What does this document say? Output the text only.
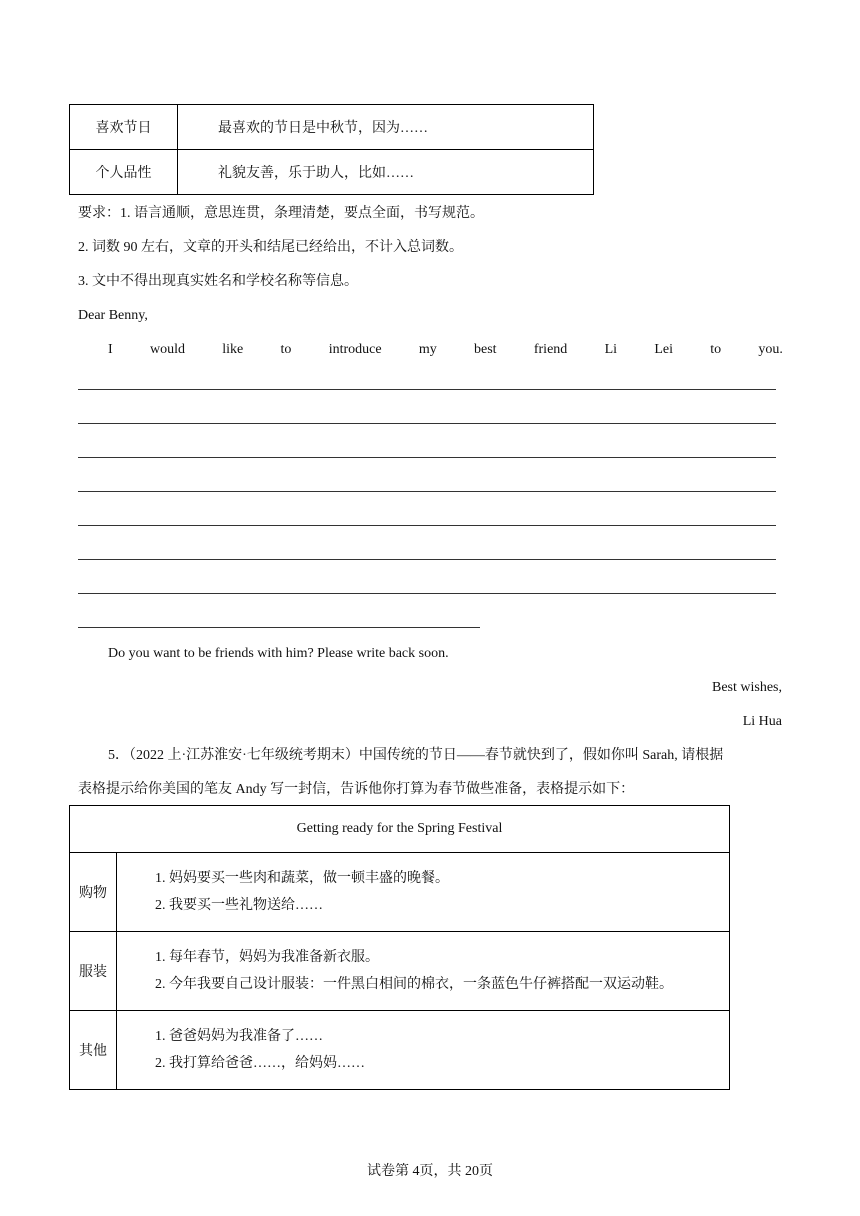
喜欢节日	最喜欢的节日是中秋节，因为……
个人品性	礼貌友善，乐于助人，比如……
要求：1. 语言通顺，意思连贯，条理清楚，要点全面，书写规范。
2. 词数 90 左右，文章的开头和结尾已经给出，不计入总词数。
3. 文中不得出现真实姓名和学校名称等信息。
Dear Benny,
I	would	like	to	introduce	my	best	friend	Li	Lei	to	you.
Do you want to be friends with him? Please write back soon.
Best wishes,
Li Hua
5．（2022 上·江苏淮安·七年级统考期末）中国传统的节日——春节就快到了，假如你叫 Sarah, 请根据
表格提示给你美国的笔友 Andy 写一封信，告诉他你打算为春节做些准备，表格提示如下：
Getting ready for the Spring Festival	
购物	1. 妈妈要买一些肉和蔬菜，做一顿丰盛的晚餐。
2. 我要买一些礼物送给……

服装	1. 每年春节，妈妈为我准备新衣服。
2. 今年我要自己设计服装：一件黑白相间的棉衣，一条蓝色牛仔裤搭配一双运动鞋。

其他	1. 爸爸妈妈为我准备了……
2. 我打算给爸爸……，给妈妈……
试卷第 4页，共 20页
